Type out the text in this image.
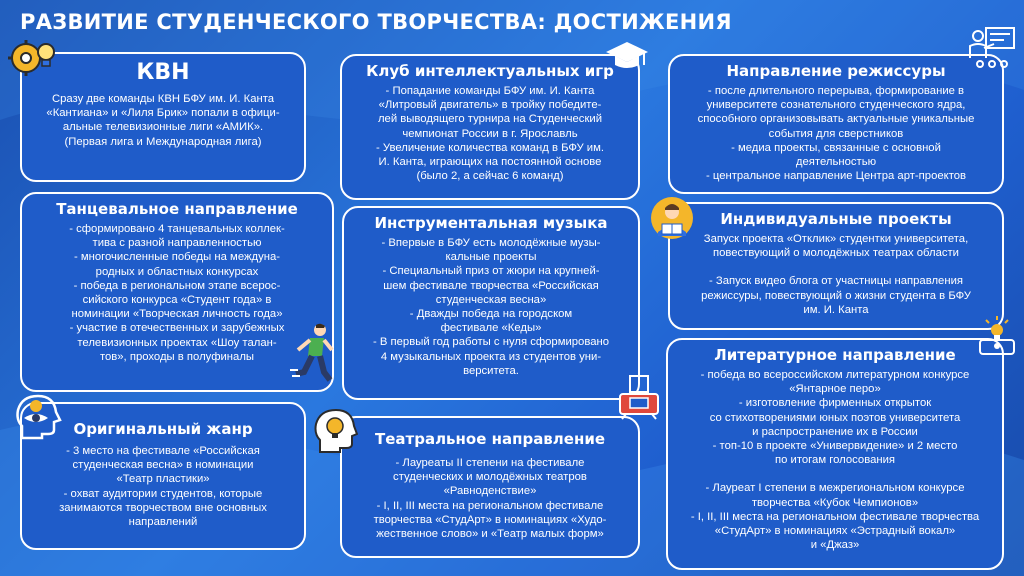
РАЗВИТИЕ СТУДЕНЧЕСКОГО ТВОРЧЕСТВА: ДОСТИЖЕНИЯ
КВН
Сразу две команды КВН БФУ им. И. Канта
«Кантиана» и «Лиля Брик» попали в офици-
альные телевизионные лиги «АМИК».
(Первая лига и Международная лига)
Клуб интеллектуальных игр
- Попадание команды БФУ им. И. Канта
«Литровый двигатель» в тройку победите-
лей выводящего турнира на Студенческий
чемпионат России в г. Ярославль
- Увеличение количества команд в БФУ им.
И. Канта, играющих на постоянной основе
(было 2, а сейчас 6 команд)
Направление режиссуры
- после длительного перерыва, формирование в
университете сознательного студенческого ядра,
способного организовывать актуальные уникальные
события для сверстников
- медиа проекты, связанные с основной
деятельностью
- центральное направление Центра арт-проектов
Танцевальное направление
- сформировано 4 танцевальных коллек-
тива с разной направленностью
- многочисленные победы на междуна-
родных и областных конкурсах
- победа в региональном этапе всерос-
сийского конкурса «Студент года» в
номинации «Творческая личность года»
- участие в отечественных и зарубежных
телевизионных проектах «Шоу талан-
тов», проходы в полуфиналы
Инструментальная музыка
- Впервые в БФУ есть молодёжные музы-
кальные проекты
- Специальный приз от жюри на крупней-
шем фестивале творчества «Российская
студенческая весна»
- Дважды победа на городском
фестивале «Кеды»
- В первый год работы с нуля сформировано
4 музыкальных проекта из студентов уни-
верситета.
Индивидуальные проекты
Запуск проекта «Отклик» студентки университета,
повествующий о молодёжных театрах области
- Запуск видео блога от участницы направления
режиссуры, повествующий о жизни студента в БФУ
им. И. Канта
Литературное направление
- победа во всероссийском литературном конкурсе
«Янтарное перо»
- изготовление фирменных открыток
со стихотворениями юных поэтов университета
и распространение их в России
- топ-10 в проекте «Универвидение» и 2 место
по итогам голосования
- Лауреат I степени в межрегиональном конкурсе
творчества «Кубок Чемпионов»
- I, II, III места на региональном фестивале творчества
«СтудАрт» в номинациях «Эстрадный вокал»
и «Джаз»
Оригинальный жанр
- 3 место на фестивале «Российская
студенческая весна» в номинации
«Театр пластики»
- охват аудитории студентов, которые
занимаются творчеством вне основных
направлений
Театральное направление
- Лауреаты II степени на фестивале
студенческих и молодёжных театров
«Равноденствие»
- I, II, III места на региональном фестивале
творчества «СтудАрт» в номинациях «Худо-
жественное слово» и «Театр малых форм»
